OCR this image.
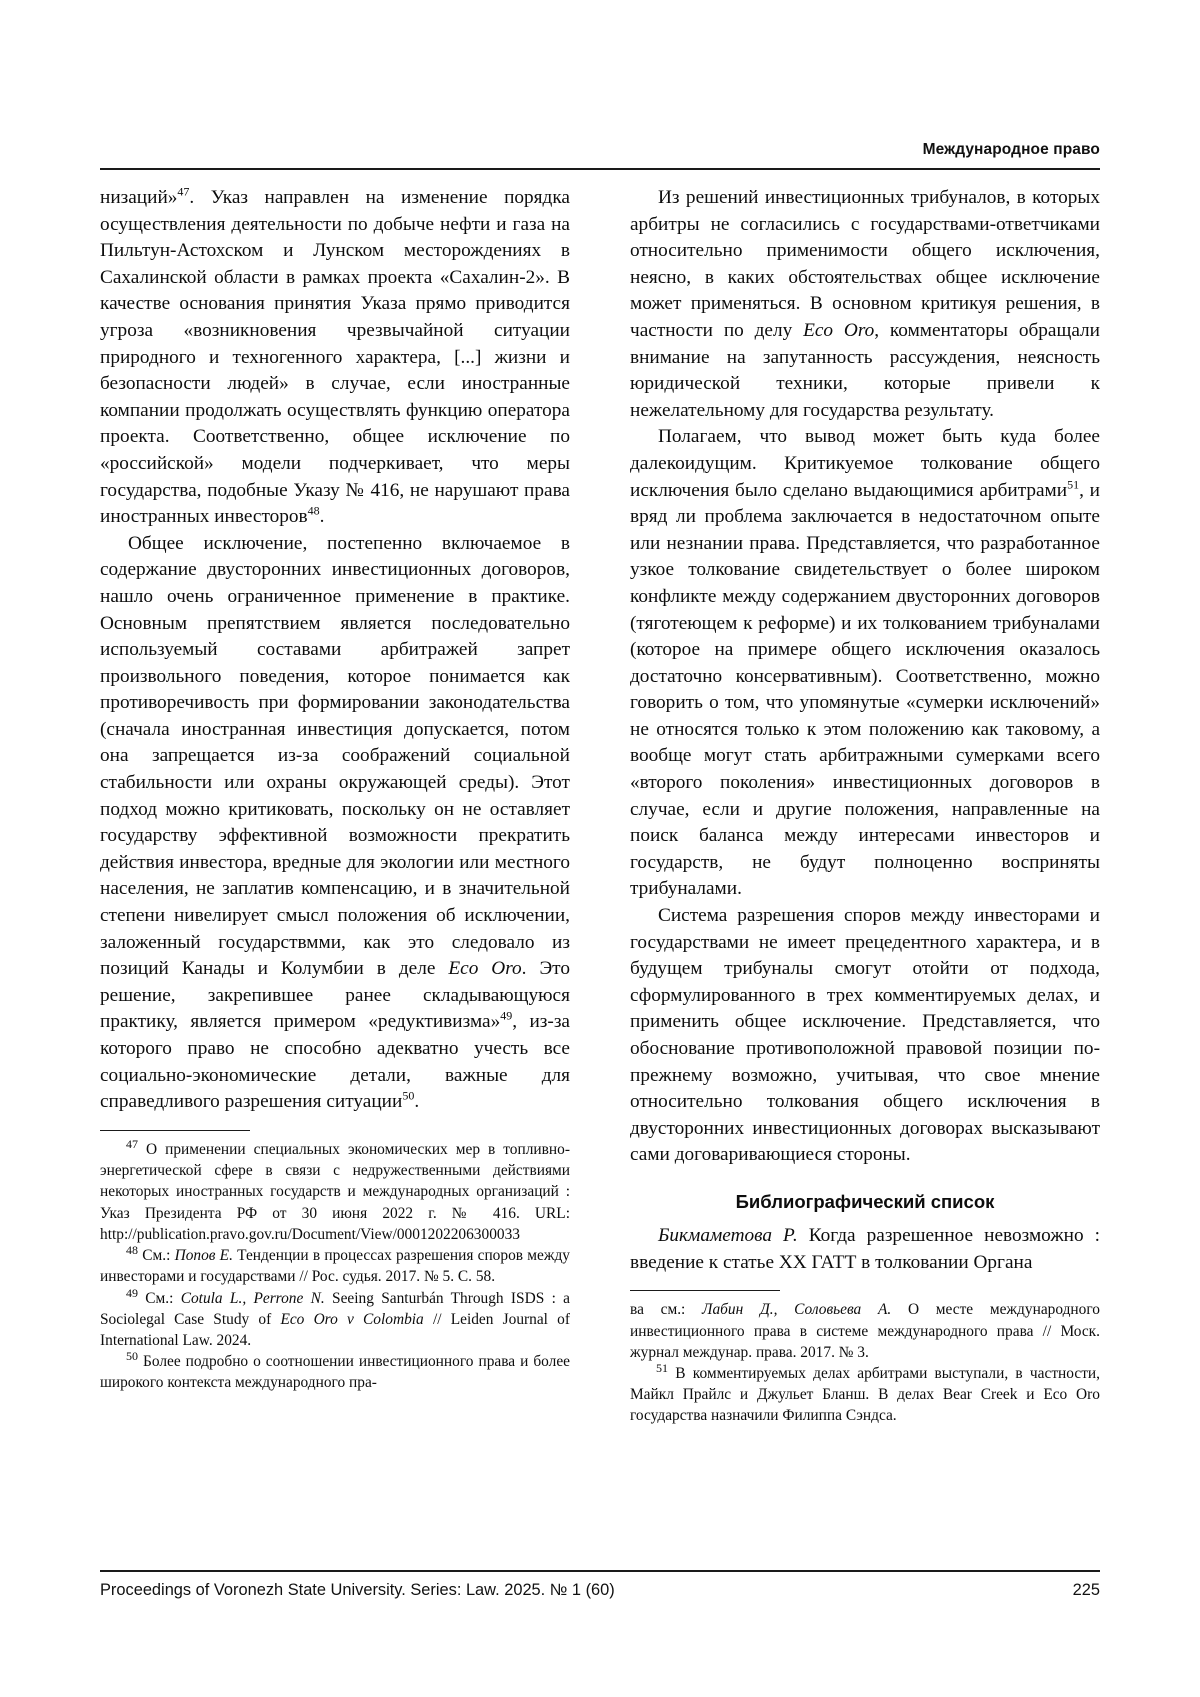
Международное право

низаций»$^{47}$. Указ направлен на изменение порядка осуществления деятельности по добыче нефти и газа на Пильтун-Астохском и Лунском месторождениях в Сахалинской области в рамках проекта «Сахалин-2». В качестве основания принятия Указа прямо приводится угроза «возникновения чрезвычайной ситуации природного и техногенного характера, [...] жизни и безопасности людей» в случае, если иностранные компании продолжать осуществлять функцию оператора проекта. Соответственно, общее исключение по «российской» модели подчеркивает, что меры государства, подобные Указу № 416, не нарушают права иностранных инвесторов$^{48}$.

Общее исключение, постепенно включаемое в содержание двусторонних инвестиционных договоров, нашло очень ограниченное применение в практике. Основным препятствием является последовательно используемый составами арбитражей запрет произвольного поведения, которое понимается как противоречивость при формировании законодательства (сначала иностранная инвестиция допускается, потом она запрещается из-за соображений социальной стабильности или охраны окружающей среды). Этот подход можно критиковать, поскольку он не оставляет государству эффективной возможности прекратить действия инвестора, вредные для экологии или местного населения, не заплатив компенсацию, и в значительной степени нивелирует смысл положения об исключении, заложенный государствмми, как это следовало из позиций Канады и Колумбии в деле Eco Oro. Это решение, закрепившее ранее складывающуюся практику, является примером «редуктивизма»$^{49}$, из-за которого право не способно адекватно учесть все социально-экономические детали, важные для справедливого разрешения ситуации$^{50}$.

$^{47}$ О применении специальных экономических мер в топливно-энергетической сфере в связи с недружественными действиями некоторых иностранных государств и международных организаций : Указ Президента РФ от 30 июня 2022 г. № 416. URL: http://publication.pravo.gov.ru/Document/View/0001202206300033

$^{48}$ См.: Попов Е. Тенденции в процессах разрешения споров между инвесторами и государствами // Рос. судья. 2017. № 5. С. 58.

$^{49}$ См.: Cotula L., Perrone N. Seeing Santurbán Through ISDS : a Sociolegal Case Study of Eco Oro v Colombia // Leiden Journal of International Law. 2024.

$^{50}$ Более подробно о соотношении инвестиционного права и более широкого контекста международного пра-

Из решений инвестиционных трибуналов, в которых арбитры не согласились с государствами-ответчиками относительно применимости общего исключения, неясно, в каких обстоятельствах общее исключение может применяться. В основном критикуя решения, в частности по делу Eco Oro, комментаторы обращали внимание на запутанность рассуждения, неясность юридической техники, которые привели к нежелательному для государства результату.

Полагаем, что вывод может быть куда более далекоидущим. Критикуемое толкование общего исключения было сделано выдающимися арбитрами$^{51}$, и вряд ли проблема заключается в недостаточном опыте или незнании права. Представляется, что разработанное узкое толкование свидетельствует о более широком конфликте между содержанием двусторонних договоров (тяготеющем к реформе) и их толкованием трибуналами (которое на примере общего исключения оказалось достаточно консервативным). Соответственно, можно говорить о том, что упомянутые «сумерки исключений» не относятся только к этом положению как таковому, а вообще могут стать арбитражными сумерками всего «второго поколения» инвестиционных договоров в случае, если и другие положения, направленные на поиск баланса между интересами инвесторов и государств, не будут полноценно восприняты трибуналами.

Система разрешения споров между инвесторами и государствами не имеет прецедентного характера, и в будущем трибуналы смогут отойти от подхода, сформулированного в трех комментируемых делах, и применить общее исключение. Представляется, что обоснование противоположной правовой позиции по-прежнему возможно, учитывая, что свое мнение относительно толкования общего исключения в двусторонних инвестиционных договорах высказывают сами договаривающиеся стороны.

Библиографический список

Бикмаметова Р. Когда разрешенное невозможно : введение к статье XX ГАТТ в толковании Органа

ва см.: Лабин Д., Соловьева А. О месте международного инвестиционного права в системе международного права // Моск. журнал междунар. права. 2017. № 3.

$^{51}$ В комментируемых делах арбитрами выступали, в частности, Майкл Прайлс и Джульет Бланш. В делах Bear Creek и Eco Oro государства назначили Филиппа Сэндса.

Proceedings of Voronezh State University. Series: Law. 2025. № 1 (60)	225
